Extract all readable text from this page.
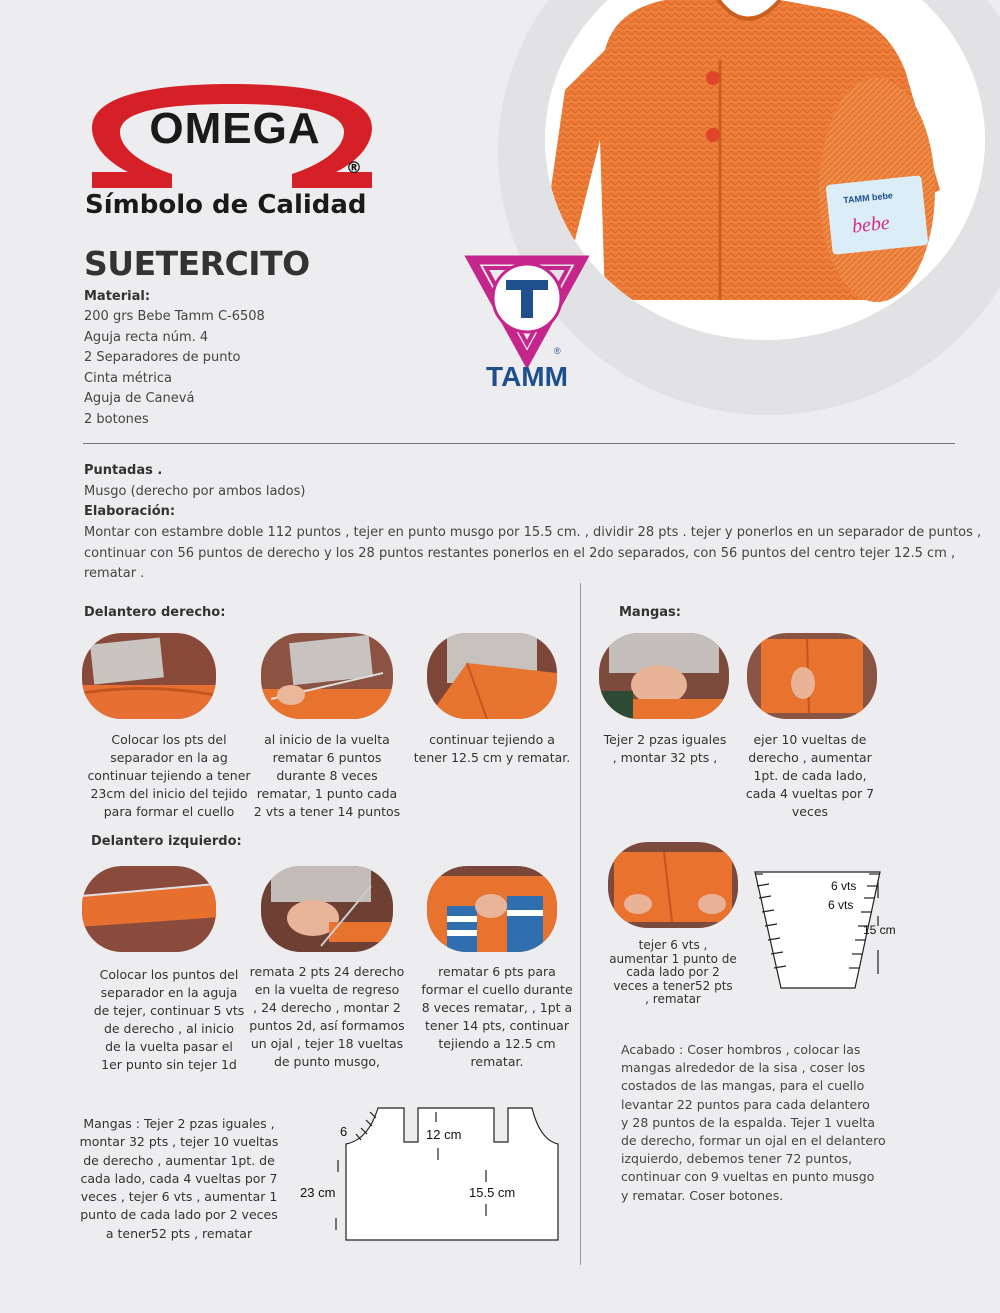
TAMM bebe
bebe
OMEGA
®
Símbolo de Calidad
®
TAMM
SUETERCITO
Material:
200 grs Bebe Tamm C-6508
Aguja recta núm. 4
2 Separadores de punto
Cinta métrica
Aguja de Canevá
2 botones
Puntadas .
Musgo (derecho por ambos lados)
Elaboración:
Montar con estambre doble 112 puntos , tejer en punto musgo por 15.5 cm. , dividir 28 pts . tejer y ponerlos en un separador de puntos ,
continuar con 56 puntos de derecho y los 28 puntos restantes ponerlos en el 2do separados, con 56 puntos del centro tejer 12.5 cm ,
rematar .
Delantero derecho:
Colocar los pts del
separador en la ag
continuar tejiendo a tener
23cm del inicio del tejido
para formar el cuello
al inicio de la vuelta
rematar 6 puntos
durante 8 veces
rematar, 1 punto cada
2 vts a tener 14 puntos
continuar tejiendo a
tener 12.5 cm y rematar.
Delantero izquierdo:
Colocar los puntos del
separador en la aguja
de tejer, continuar 5 vts
de derecho , al inicio
de la vuelta pasar el
1er punto sin tejer 1d
remata 2 pts 24 derecho
en la vuelta de regreso
, 24 derecho , montar 2
puntos 2d, así formamos
un ojal , tejer 18 vueltas
de punto musgo,
rematar 6 pts para
formar el cuello durante
8 veces rematar, , 1pt a
tener 14 pts, continuar
tejiendo a 12.5 cm
rematar.
Mangas:
Tejer 2 pzas iguales
, montar 32 pts ,
ejer 10 vueltas de
derecho , aumentar
1pt. de cada lado,
cada 4 vueltas por 7
veces
tejer 6 vts ,
aumentar 1 punto de
cada lado por 2
veces a tener52 pts
, rematar
6 vts
6 vts
15 cm
Acabado : Coser hombros , colocar las
mangas alrededor de la sisa , coser los
costados de las mangas, para el cuello
levantar 22 puntos para cada delantero
y 28 puntos de la espalda. Tejer 1 vuelta
de derecho, formar un ojal en el delantero
izquierdo, debemos tener 72 puntos,
continuar con 9 vueltas en punto musgo
y rematar. Coser botones.
Mangas : Tejer 2 pzas iguales ,
montar 32 pts , tejer 10 vueltas
de derecho , aumentar 1pt. de
cada lado, cada 4 vueltas por 7
veces , tejer 6 vts , aumentar 1
punto de cada lado por 2 veces
a tener52 pts , rematar
6	12 cm
23 cm	15.5 cm
